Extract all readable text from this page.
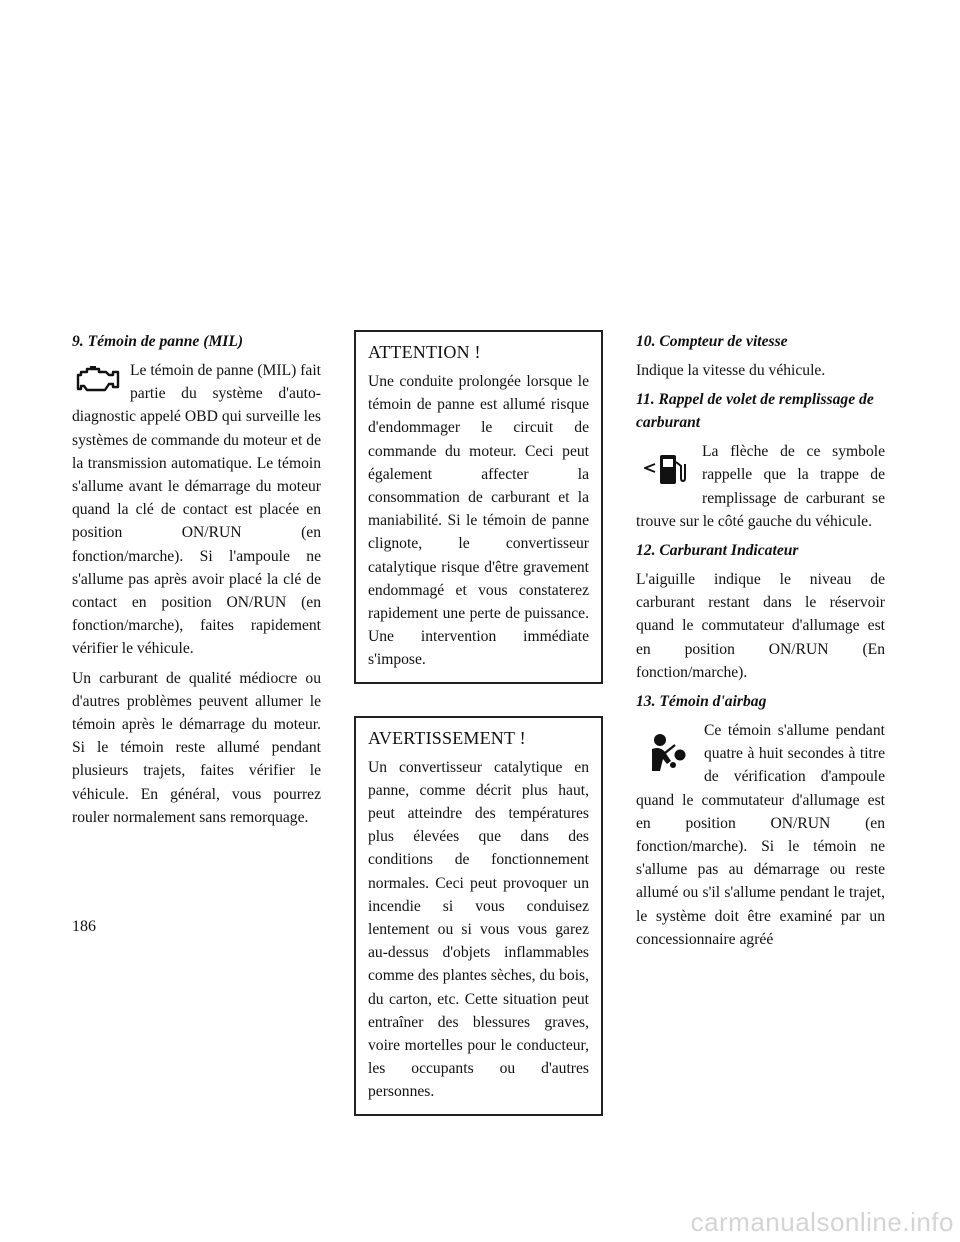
9. Témoin de panne (MIL)

Le témoin de panne (MIL) fait partie du système d'auto-diagnostic appelé OBD qui surveille les systèmes de commande du moteur et de la transmission automatique. Le témoin s'allume avant le démarrage du moteur quand la clé de contact est placée en position ON/RUN (en fonction/marche). Si l'ampoule ne s'allume pas après avoir placé la clé de contact en position ON/RUN (en fonction/marche), faites rapidement vérifier le véhicule.

Un carburant de qualité médiocre ou d'autres problèmes peuvent allumer le témoin après le démarrage du moteur. Si le témoin reste allumé pendant plusieurs trajets, faites vérifier le véhicule. En général, vous pourrez rouler normalement sans remorquage.

ATTENTION !

Une conduite prolongée lorsque le témoin de panne est allumé risque d'endommager le circuit de commande du moteur. Ceci peut également affecter la consommation de carburant et la maniabilité. Si le témoin de panne clignote, le convertisseur catalytique risque d'être gravement endommagé et vous constaterez rapidement une perte de puissance. Une intervention immédiate s'impose.

AVERTISSEMENT !

Un convertisseur catalytique en panne, comme décrit plus haut, peut atteindre des températures plus élevées que dans des conditions de fonctionnement normales. Ceci peut provoquer un incendie si vous conduisez lentement ou si vous vous garez au-dessus d'objets inflammables comme des plantes sèches, du bois, du carton, etc. Cette situation peut entraîner des blessures graves, voire mortelles pour le conducteur, les occupants ou d'autres personnes.

10. Compteur de vitesse

Indique la vitesse du véhicule.

11. Rappel de volet de remplissage de carburant

La flèche de ce symbole rappelle que la trappe de remplissage de carburant se trouve sur le côté gauche du véhicule.

12. Carburant Indicateur

L'aiguille indique le niveau de carburant restant dans le réservoir quand le commutateur d'allumage est en position ON/RUN (En fonction/marche).

13. Témoin d'airbag

Ce témoin s'allume pendant quatre à huit secondes à titre de vérification d'ampoule quand le commutateur d'allumage est en position ON/RUN (en fonction/marche). Si le témoin ne s'allume pas au démarrage ou reste allumé ou s'il s'allume pendant le trajet, le système doit être examiné par un concessionnaire agréé

186
carmanualsonline.info
